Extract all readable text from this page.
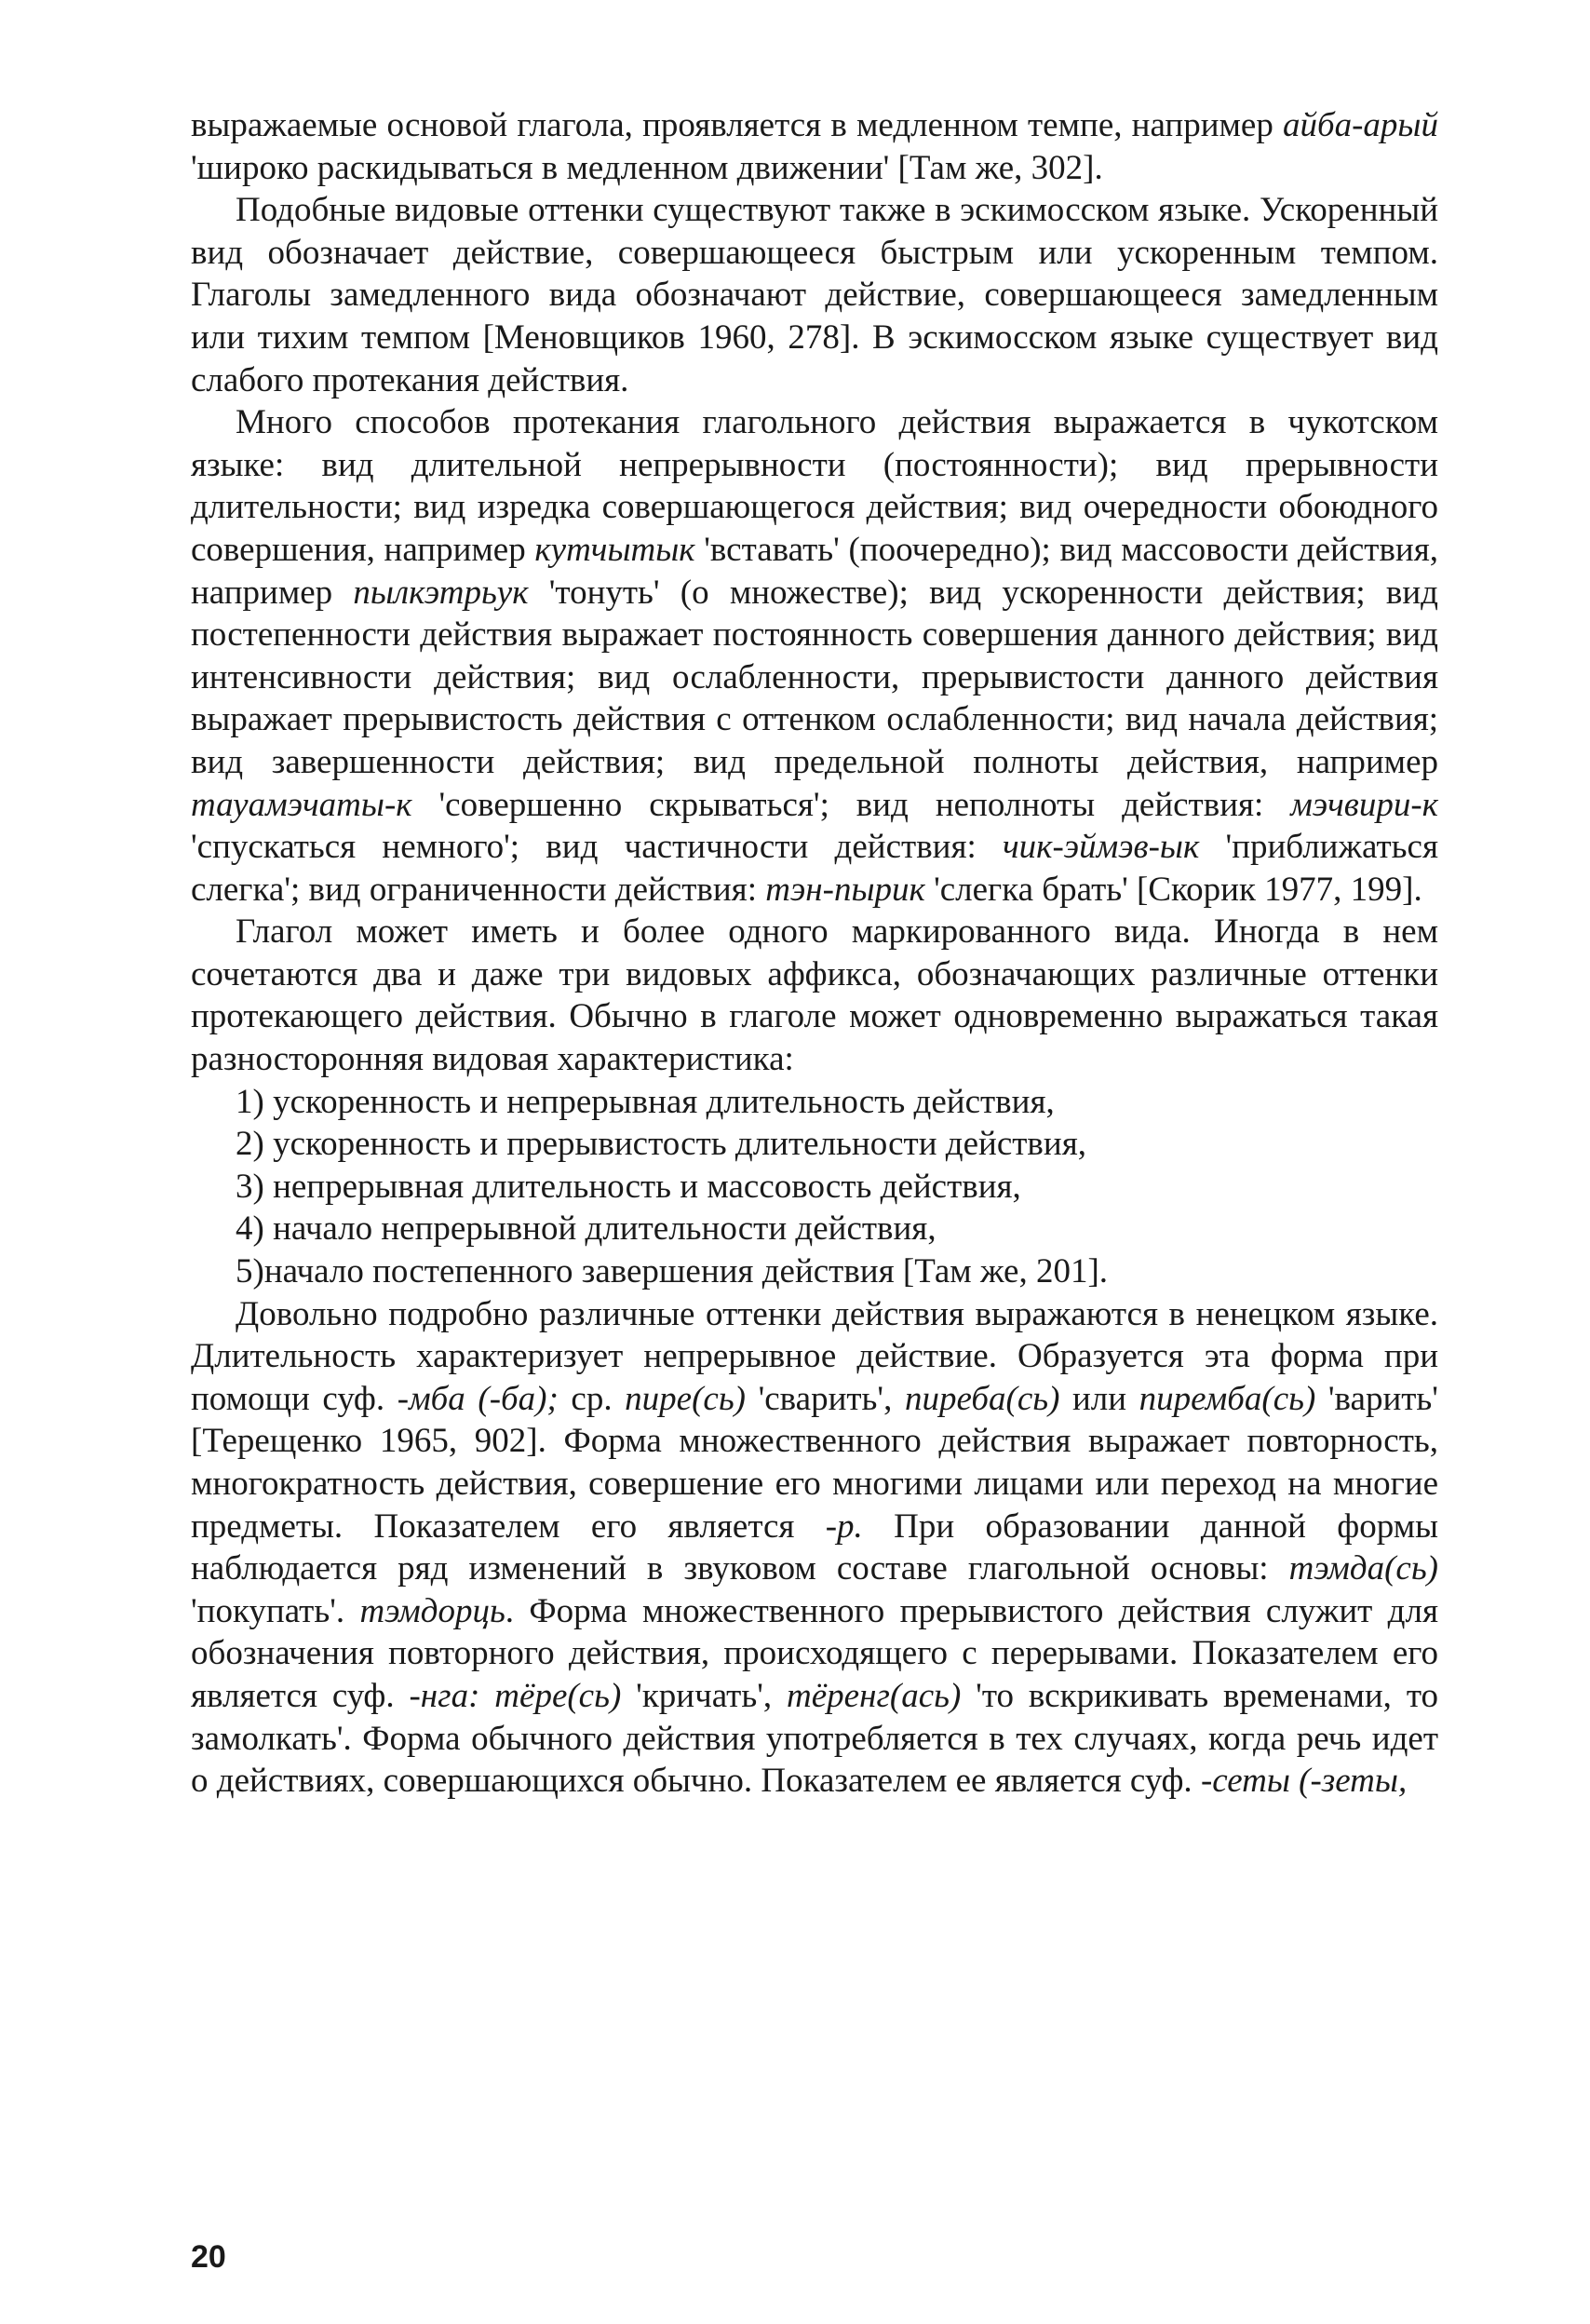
выражаемые основой глагола, проявляется в медленном темпе, например айба-арый 'широко раскидываться в медленном движении' [Там же, 302].

Подобные видовые оттенки существуют также в эскимосском языке. Ускоренный вид обозначает действие, совершающееся быстрым или ускоренным темпом. Глаголы замедленного вида обозначают действие, совершающееся замедленным или тихим темпом [Меновщиков 1960, 278]. В эскимосском языке существует вид слабого протекания действия.

Много способов протекания глагольного действия выражается в чукотском языке: вид длительной непрерывности (постоянности); вид прерывности длительности; вид изредка совершающегося действия; вид очередности обоюдного совершения, например кутчытык 'вставать' (поочередно); вид массовости действия, например пылкэтрьук 'тонуть' (о множестве); вид ускоренности действия; вид постепенности действия выражает постоянность совершения данного действия; вид интенсивности действия; вид ослабленности, прерывистости данного действия выражает прерывистость действия с оттенком ослабленности; вид начала действия; вид завершенности действия; вид предельной полноты действия, например тауамэчаты-к 'совершенно скрываться'; вид неполноты действия: мэчвири-к 'спускаться немного'; вид частичности действия: чик-эймэв-ык 'приближаться слегка'; вид ограниченности действия: тэн-пырик 'слегка брать' [Скорик 1977, 199].

Глагол может иметь и более одного маркированного вида. Иногда в нем сочетаются два и даже три видовых аффикса, обозначающих различные оттенки протекающего действия. Обычно в глаголе может одновременно выражаться такая разносторонняя видовая характеристика:

1) ускоренность и непрерывная длительность действия,

2) ускоренность и прерывистость длительности действия,

3) непрерывная длительность и массовость действия,

4) начало непрерывной длительности действия,

5)начало постепенного завершения действия [Там же, 201].

Довольно подробно различные оттенки действия выражаются в ненецком языке. Длительность характеризует непрерывное действие. Образуется эта форма при помощи суф. -мба (-ба); ср. пире(сь) 'сварить', пиреба(сь) или пиремба(сь) 'варить' [Терещенко 1965, 902]. Форма множественного действия выражает повторность, многократность действия, совершение его многими лицами или переход на многие предметы. Показателем его является -р. При образовании данной формы наблюдается ряд изменений в звуковом составе глагольной основы: тэмда(сь) 'покупать'. тэмдорць. Форма множественного прерывистого действия служит для обозначения повторного действия, происходящего с перерывами. Показателем его является суф. -нга: тёре(сь) 'кричать', тёренг(ась) 'то вскрикивать временами, то замолкать'. Форма обычного действия употребляется в тех случаях, когда речь идет о действиях, совершающихся обычно. Показателем ее является суф. -сеты (-зеты,

20
